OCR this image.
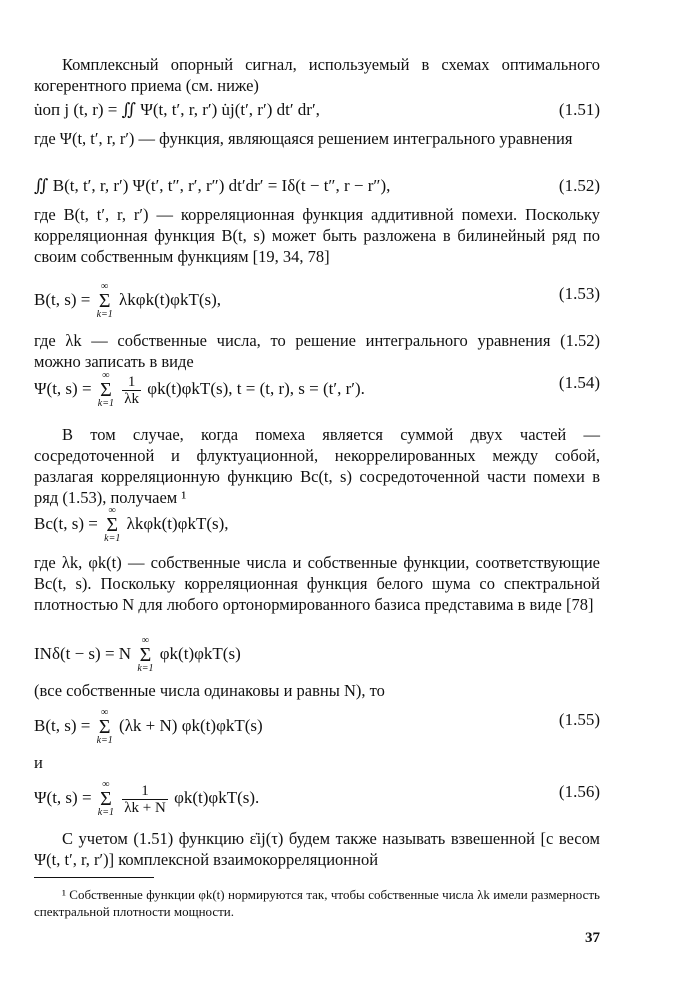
Комплексный опорный сигнал, используемый в схемах оптимального когерентного приема (см. ниже)
u̇оп j (t, r) = ∬ Ψ(t, t′, r, r′) u̇j(t′, r′) dt′ dr′,	(1.51)
где Ψ(t, t′, r, r′) — функция, являющаяся решением интегрального уравнения
∬ B(t, t′, r, r′) Ψ(t′, t″, r′, r″) dt′dr′ = Iδ(t − t″, r − r″),	(1.52)
где B(t, t′, r, r′) — корреляционная функция аддитивной помехи. Поскольку корреляционная функция B(t, s) может быть разложена в билинейный ряд по своим собственным функциям [19, 34, 78]
B(t, s) =
∞
Σ
k=1
λkφk(t)φkT(s),	(1.53)
где λk — собственные числа, то решение интегрального уравнения (1.52) можно записать в виде
Ψ(t, s) =
∞
Σ
k=1
$\frac{1}{\lambda k} \varphi k(t)\varphi kT(s)$, t = (t, r), s = (t′, r′).	(1.54)
В том случае, когда помеха является суммой двух частей — сосредоточенной и флуктуационной, некоррелированных между собой, разлагая корреляционную функцию Bc(t, s) сосредоточенной части помехи в ряд (1.53), получаем ¹
Bc(t, s) =
∞
Σ
k=1
λkφk(t)φkT(s),
где λk, φk(t) — собственные числа и собственные функции, соответствующие Bc(t, s). Поскольку корреляционная функция белого шума со спектральной плотностью N для любого ортонормированного базиса представима в виде [78]
INδ(t − s) = N
∞
Σ
k=1
φk(t)φkT(s)
(все собственные числа одинаковы и равны N), то
B(t, s) =
∞
Σ
k=1
(λk + N) φk(t)φkT(s)	(1.55)
и
Ψ(t, s) =
∞
Σ
k=1
$\frac{1}{\lambda k + N} \varphi k(t)\varphi kT(s)$.	(1.56)
С учетом (1.51) функцию ε̇ij(τ) будем также называть взвешенной [с весом Ψ(t, t′, r, r′)] комплексной взаимокорреляционной
¹ Собственные функции φk(t) нормируются так, чтобы собственные числа λk имели размерность спектральной плотности мощности.
37
